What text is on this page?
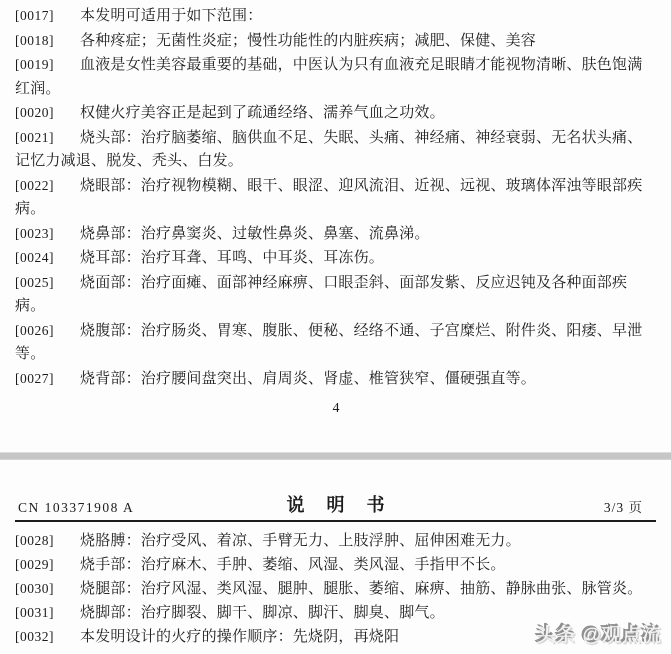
[0017] 本发明可适用于如下范围：

[0018] 各种疼症；无菌性炎症；慢性功能性的内脏疾病；减肥、保健、美容

[0019] 血液是女性美容最重要的基础，中医认为只有血液充足眼睛才能视物清晰、肤色饱满红润。

[0020] 权健火疗美容正是起到了疏通经络、濡养气血之功效。

[0021] 烧头部：治疗脑萎缩、脑供血不足、失眠、头痛、神经痛、神经衰弱、无名状头痛、记忆力减退、脱发、秃头、白发。

[0022] 烧眼部：治疗视物模糊、眼干、眼涩、迎风流泪、近视、远视、玻璃体浑浊等眼部疾病。

[0023] 烧鼻部：治疗鼻窦炎、过敏性鼻炎、鼻塞、流鼻涕。

[0024] 烧耳部：治疗耳聋、耳鸣、中耳炎、耳冻伤。

[0025] 烧面部：治疗面瘫、面部神经麻痹、口眼歪斜、面部发紫、反应迟钝及各种面部疾病。

[0026] 烧腹部：治疗肠炎、胃寒、腹胀、便秘、经络不通、子宫糜烂、附件炎、阳痿、早泄等。

[0027] 烧背部：治疗腰间盘突出、肩周炎、肾虚、椎管狭窄、僵硬强直等。

4
CN 103371908 A	说明书	3/3 页

[0028] 烧胳膊：治疗受风、着凉、手臂无力、上肢浮肿、屈伸困难无力。

[0029] 烧手部：治疗麻木、手肿、萎缩、风湿、类风湿、手指甲不长。

[0030] 烧腿部：治疗风湿、类风湿、腿肿、腿胀、萎缩、麻痹、抽筋、静脉曲张、脉管炎。

[0031] 烧脚部：治疗脚裂、脚干、脚凉、脚汗、脚臭、脚气。

[0032] 本发明设计的火疗的操作顺序：先烧阴，再烧阳	头条 @观点流
